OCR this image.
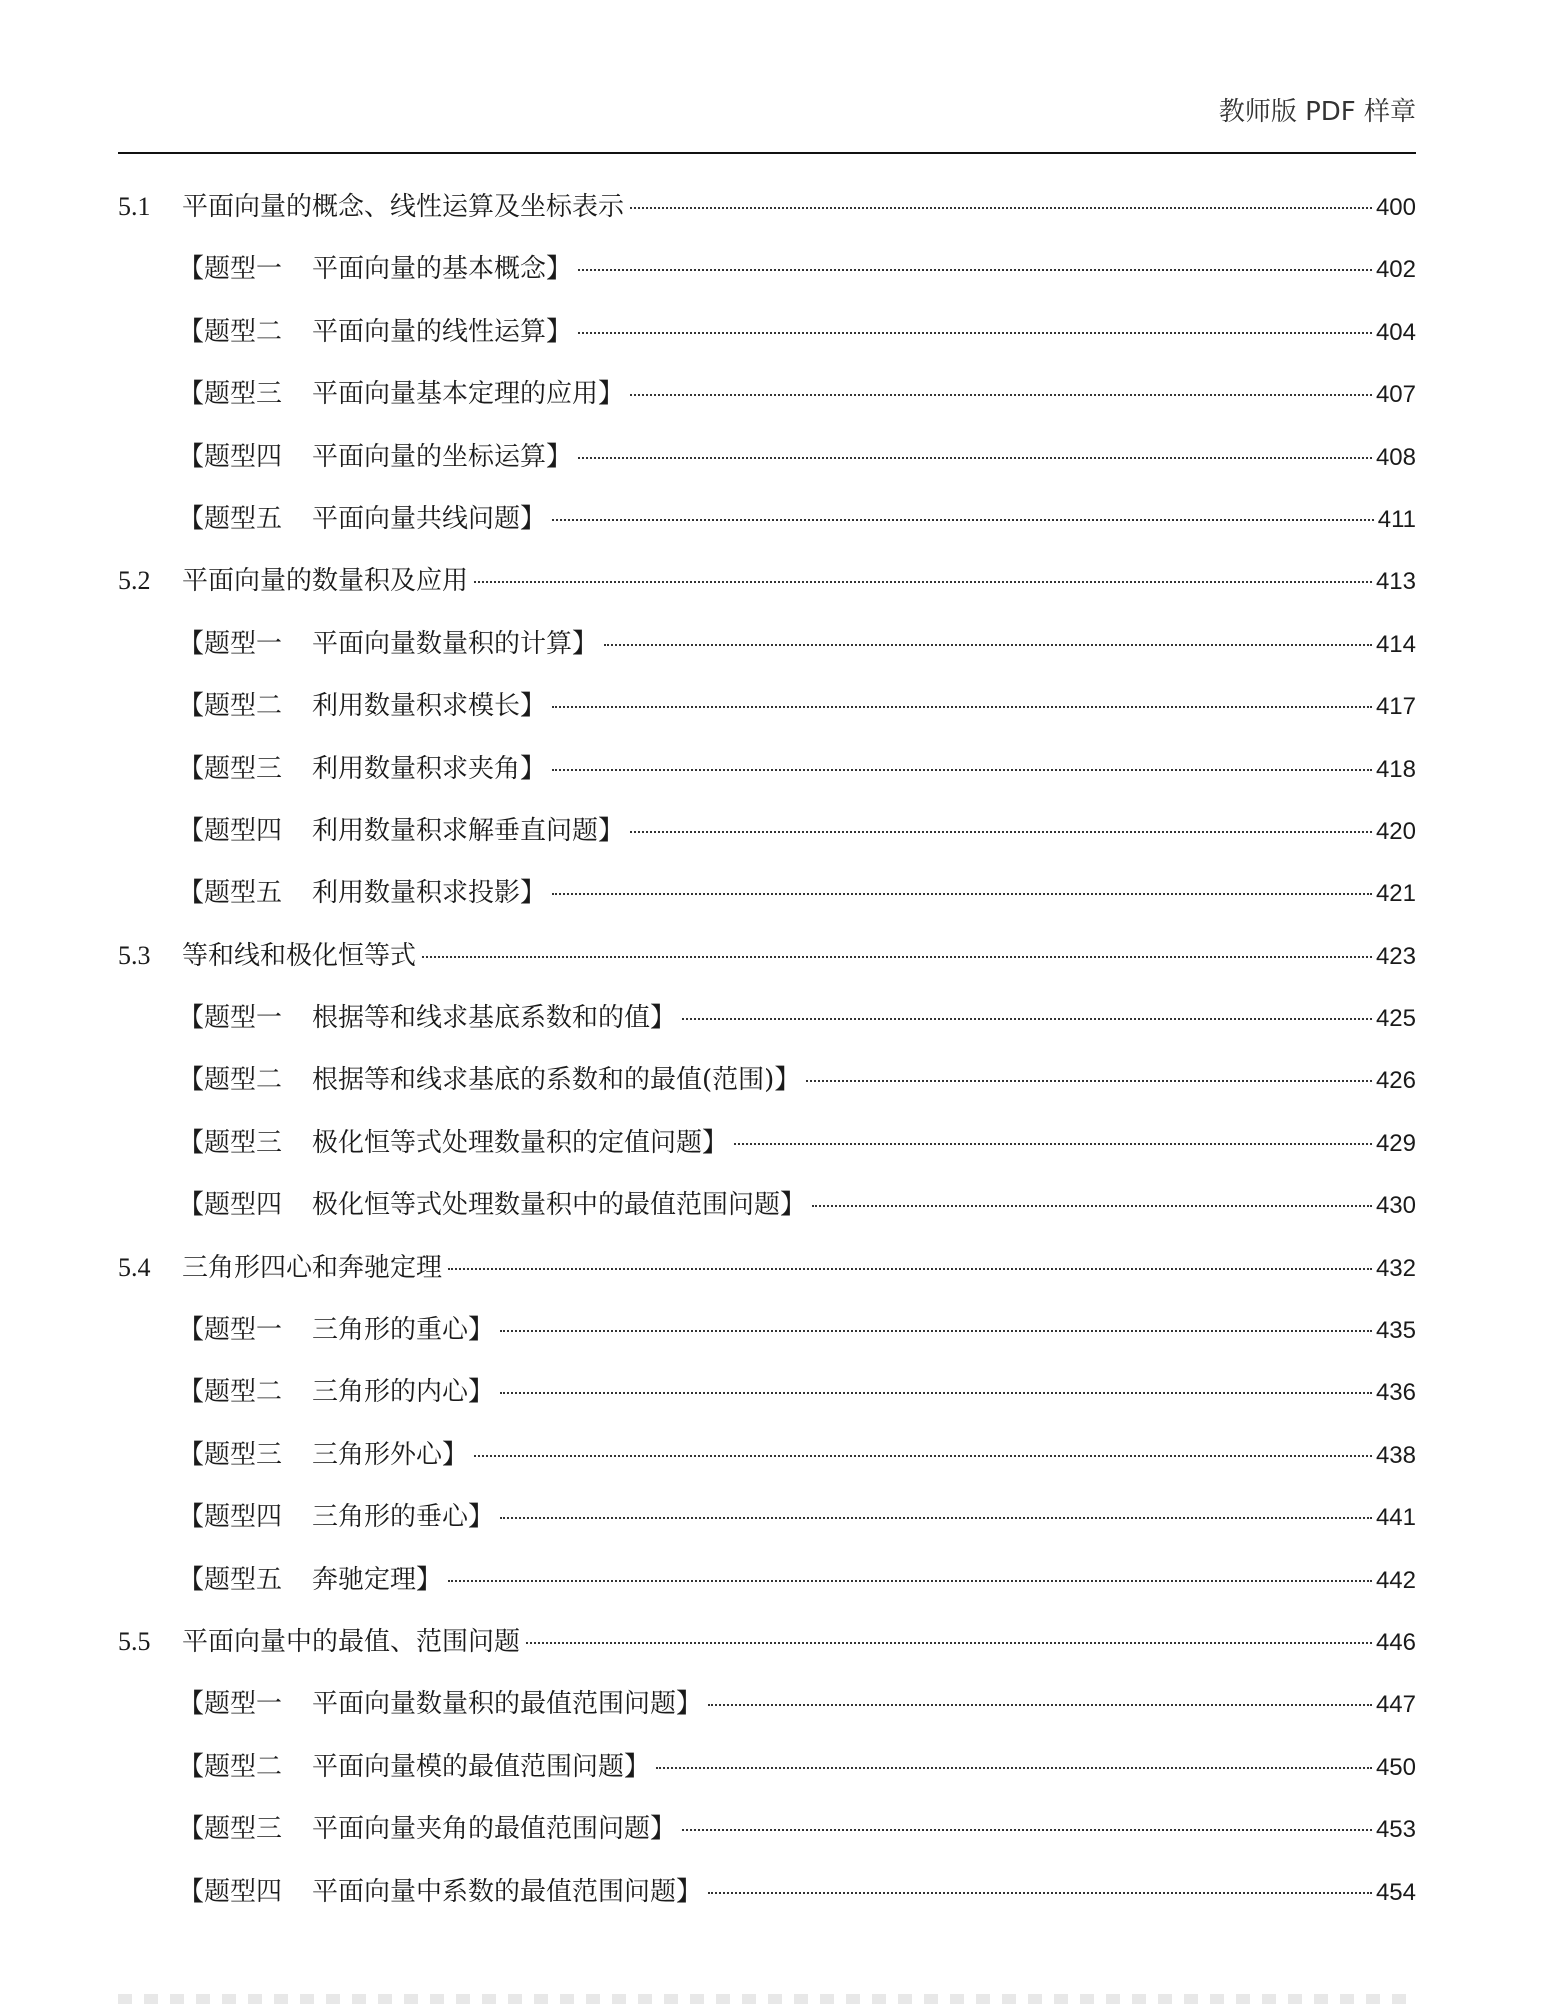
教师版 PDF 样章
5.1	平面向量的概念、线性运算及坐标表示	400
【 题型一 平面向量的基本概念 】	402
【 题型二 平面向量的线性运算 】	404
【 题型三 平面向量基本定理的应用 】	407
【 题型四 平面向量的坐标运算 】	408
【 题型五 平面向量共线问题 】	411
5.2	平面向量的数量积及应用	413
【 题型一 平面向量数量积的计算 】	414
【 题型二 利用数量积求模长 】	417
【 题型三 利用数量积求夹角 】	418
【 题型四 利用数量积求解垂直问题 】	420
【 题型五 利用数量积求投影 】	421
5.3	等和线和极化恒等式	423
【 题型一 根据等和线求基底系数和的值 】	425
【 题型二 根据等和线求基底的系数和的最值(范围) 】	426
【 题型三 极化恒等式处理数量积的定值问题 】	429
【 题型四 极化恒等式处理数量积中的最值范围问题 】	430
5.4	三角形四心和奔驰定理	432
【 题型一 三角形的重心 】	435
【 题型二 三角形的内心 】	436
【 题型三 三角形外心 】	438
【 题型四 三角形的垂心 】	441
【 题型五 奔驰定理 】	442
5.5	平面向量中的最值、范围问题	446
【 题型一 平面向量数量积的最值范围问题 】	447
【 题型二 平面向量模的最值范围问题 】	450
【 题型三 平面向量夹角的最值范围问题 】	453
【 题型四 平面向量中系数的最值范围问题 】	454
